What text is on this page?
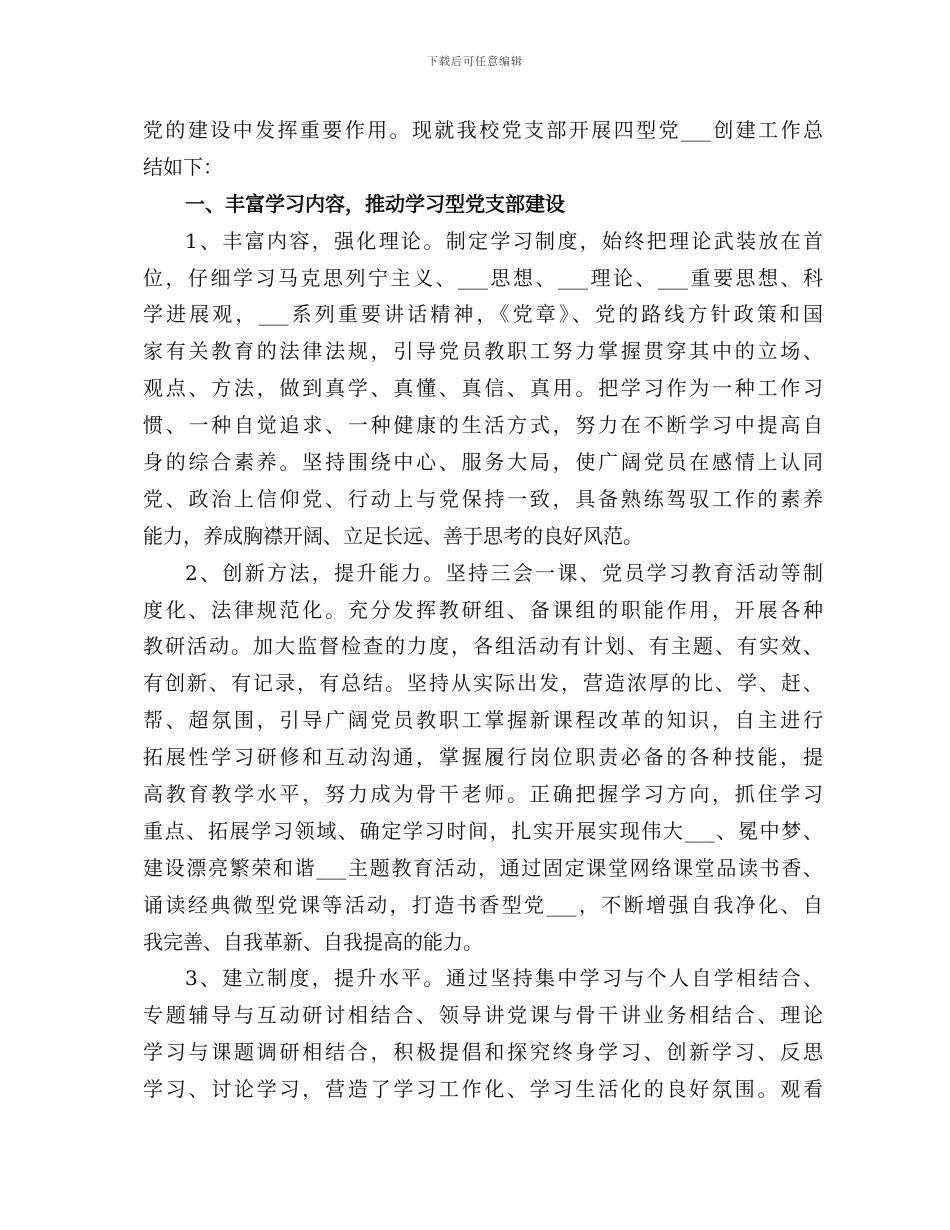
下载后可任意编辑
党的建设中发挥重要作用。现就我校党支部开展四型党___创建工作总
结如下：
一、丰富学习内容，推动学习型党支部建设
1、丰富内容，强化理论。制定学习制度，始终把理论武装放在首
位，仔细学习马克思列宁主义、___思想、___理论、___重要思想、科
学进展观，___系列重要讲话精神，《党章》、党的路线方针政策和国
家有关教育的法律法规，引导党员教职工努力掌握贯穿其中的立场、
观点、方法，做到真学、真懂、真信、真用。把学习作为一种工作习
惯、一种自觉追求、一种健康的生活方式，努力在不断学习中提高自
身的综合素养。坚持围绕中心、服务大局，使广阔党员在感情上认同
党、政治上信仰党、行动上与党保持一致，具备熟练驾驭工作的素养
能力，养成胸襟开阔、立足长远、善于思考的良好风范。
2、创新方法，提升能力。坚持三会一课、党员学习教育活动等制
度化、法律规范化。充分发挥教研组、备课组的职能作用，开展各种
教研活动。加大监督检查的力度，各组活动有计划、有主题、有实效、
有创新、有记录，有总结。坚持从实际出发，营造浓厚的比、学、赶、
帮、超氛围，引导广阔党员教职工掌握新课程改革的知识，自主进行
拓展性学习研修和互动沟通，掌握履行岗位职责必备的各种技能，提
高教育教学水平，努力成为骨干老师。正确把握学习方向，抓住学习
重点、拓展学习领域、确定学习时间，扎实开展实现伟大___、冕中梦、
建设漂亮繁荣和谐___主题教育活动，通过固定课堂网络课堂品读书香、
诵读经典微型党课等活动，打造书香型党___，不断增强自我净化、自
我完善、自我革新、自我提高的能力。
3、建立制度，提升水平。通过坚持集中学习与个人自学相结合、
专题辅导与互动研讨相结合、领导讲党课与骨干讲业务相结合、理论
学习与课题调研相结合，积极提倡和探究终身学习、创新学习、反思
学习、讨论学习，营造了学习工作化、学习生活化的良好氛围。观看
